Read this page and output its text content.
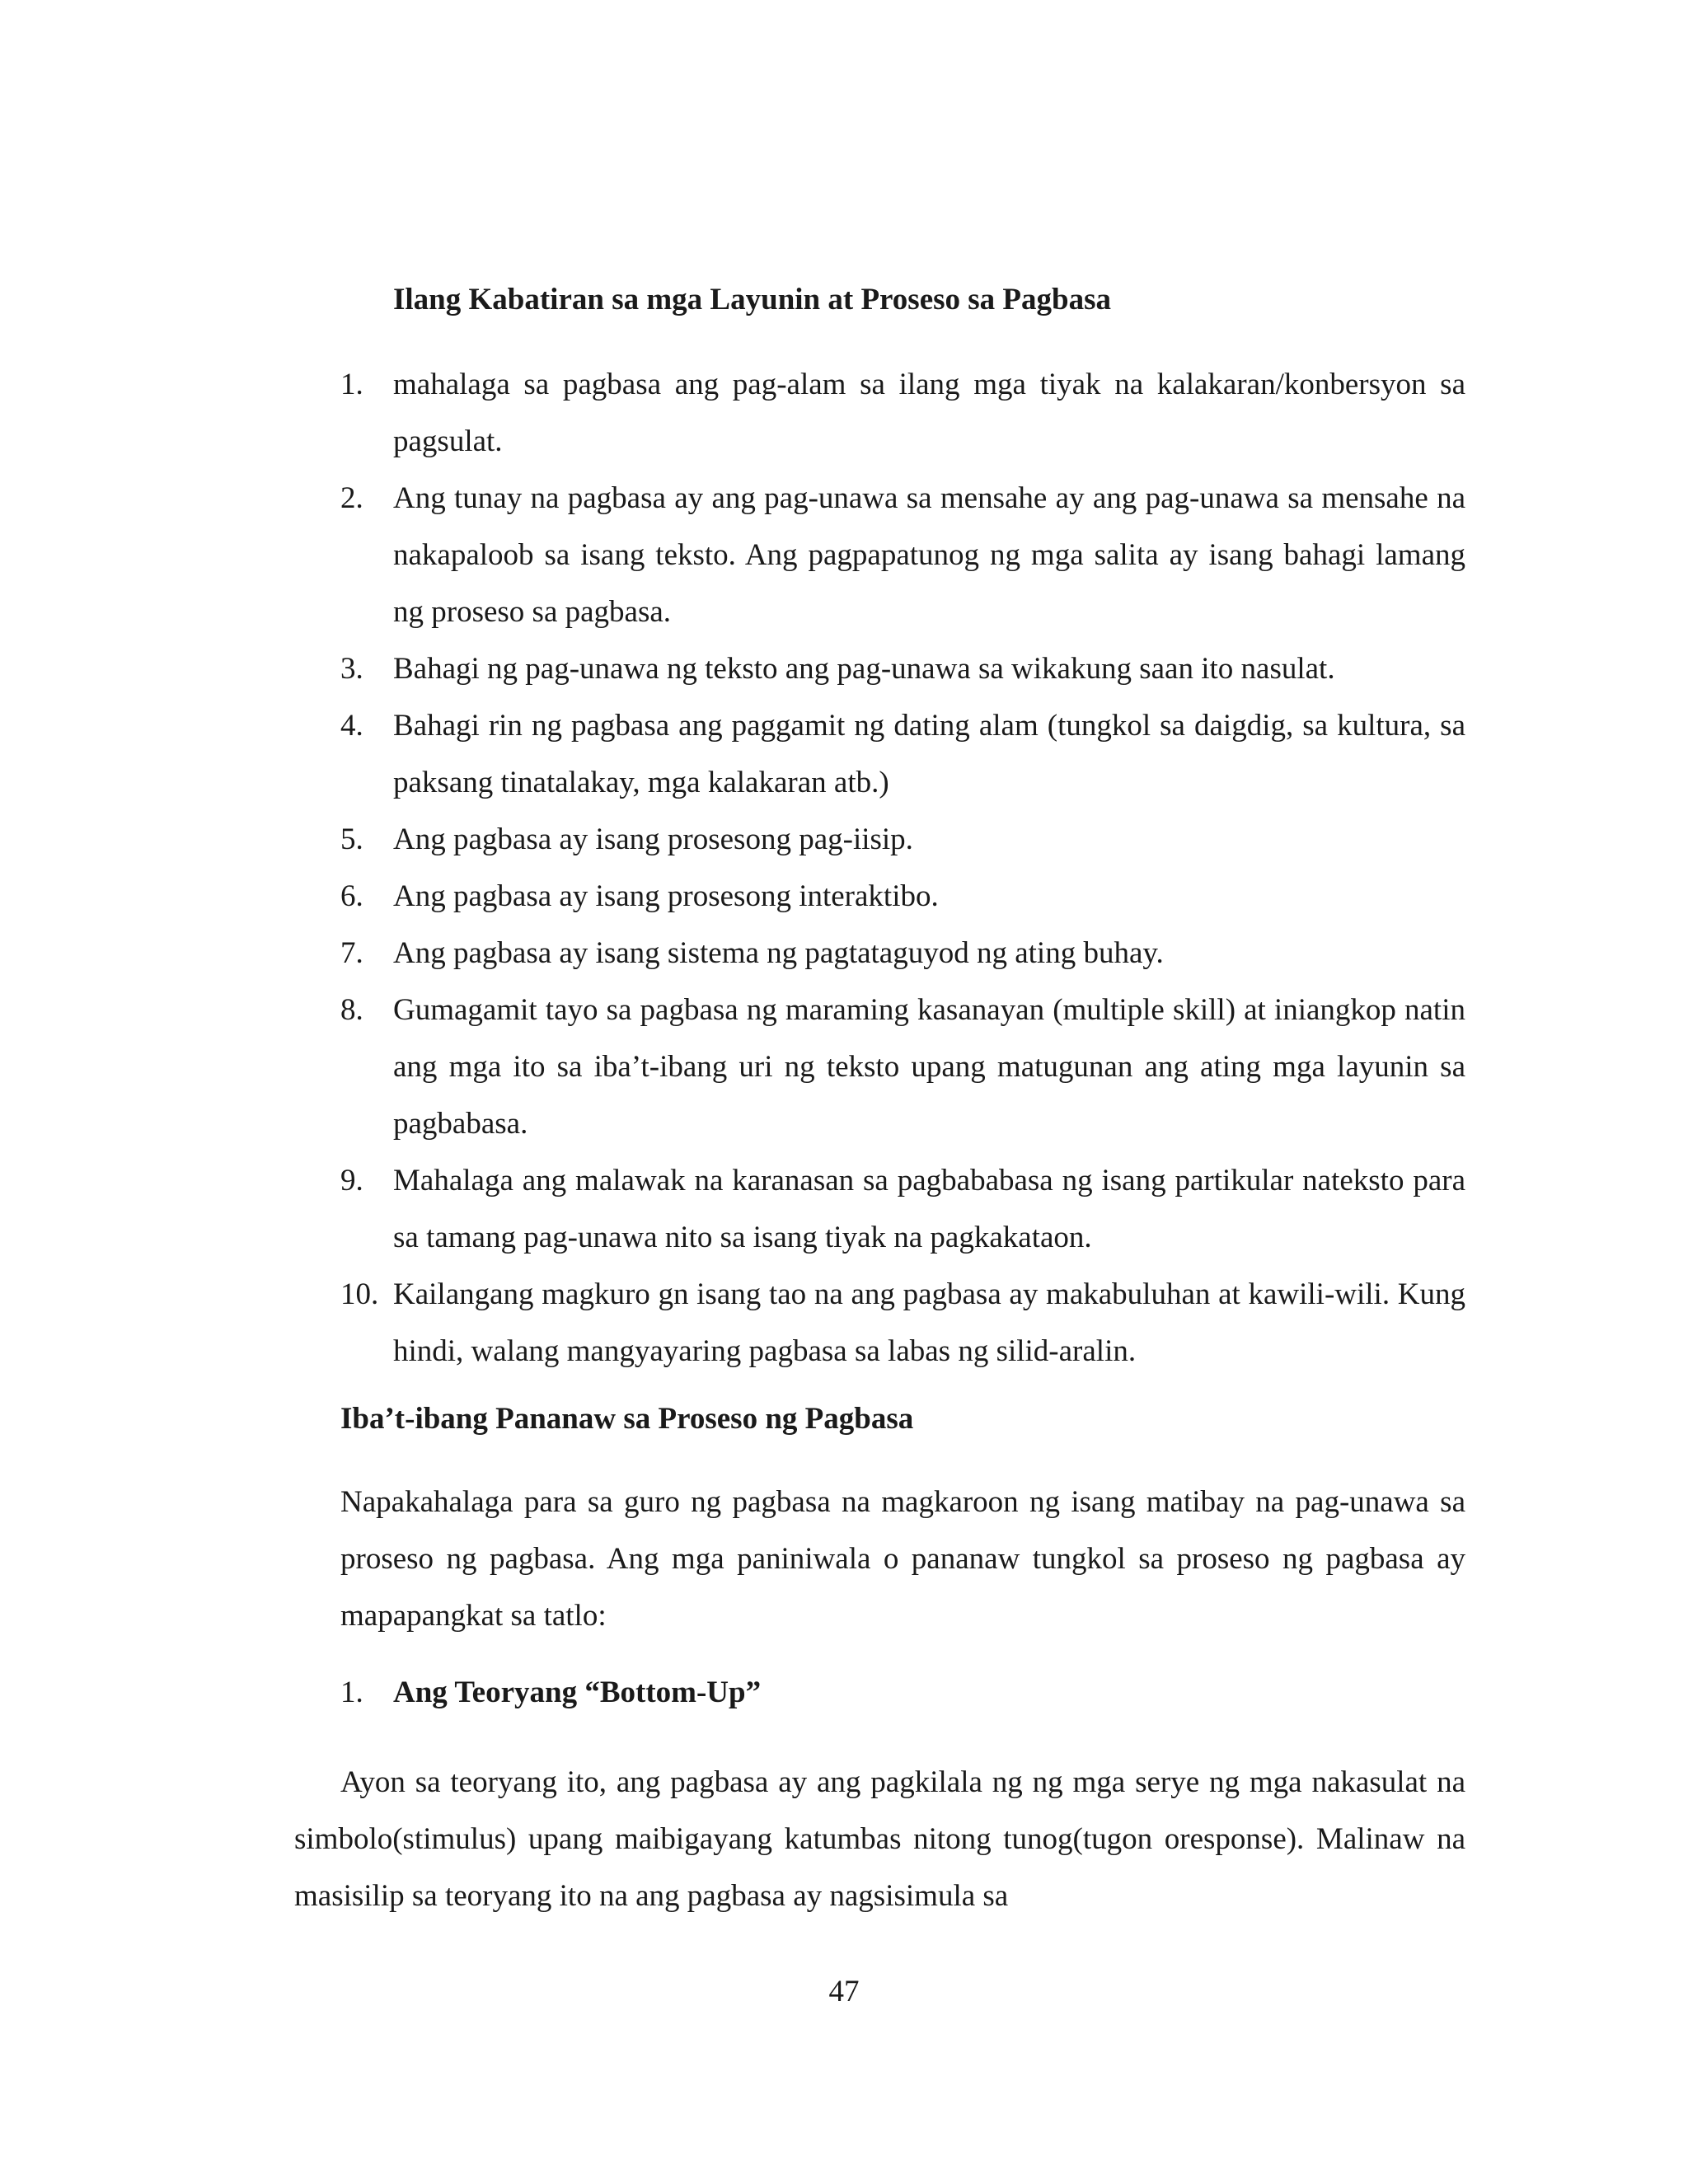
Ilang Kabatiran sa mga Layunin at Proseso sa Pagbasa
1. mahalaga sa pagbasa ang pag-alam sa ilang mga tiyak na kalakaran/konbersyon sa pagsulat.
2. Ang tunay na pagbasa ay ang pag-unawa sa mensahe ay ang pag-unawa sa mensahe na nakapaloob sa isang teksto. Ang pagpapatunog ng mga salita ay isang bahagi lamang ng proseso sa pagbasa.
3. Bahagi ng pag-unawa ng teksto ang pag-unawa sa wikakung saan ito nasulat.
4. Bahagi rin ng pagbasa ang paggamit ng dating alam (tungkol sa daigdig, sa kultura, sa paksang tinatalakay, mga kalakaran atb.)
5. Ang pagbasa ay isang prosesong pag-iisip.
6. Ang pagbasa ay isang prosesong interaktibo.
7. Ang pagbasa ay isang sistema ng pagtataguyod ng ating buhay.
8. Gumagamit tayo sa pagbasa ng maraming kasanayan (multiple skill) at iniangkop natin ang mga ito sa iba’t-ibang uri ng teksto upang matugunan ang ating mga layunin sa pagbabasa.
9. Mahalaga ang malawak na karanasan sa pagbababasa ng isang partikular nateksto para sa tamang pag-unawa nito sa isang tiyak na pagkakataon.
10. Kailangang magkuro gn isang tao na ang pagbasa ay makabuluhan at kawili-wili. Kung hindi, walang mangyayaring pagbasa sa labas ng silid-aralin.
Iba’t-ibang Pananaw sa Proseso ng Pagbasa

Napakahalaga para sa guro ng pagbasa na magkaroon ng isang matibay na pag-unawa sa proseso ng pagbasa. Ang mga paniniwala o pananaw tungkol sa proseso ng pagbasa ay mapapangkat sa tatlo:

1. Ang Teoryang “Bottom-Up”

Ayon sa teoryang ito, ang pagbasa ay ang pagkilala ng ng mga serye ng mga nakasulat na simbolo(stimulus) upang maibigayang katumbas nitong tunog(tugon oresponse). Malinaw na masisilip sa teoryang ito na ang pagbasa ay nagsisimula sa

47
